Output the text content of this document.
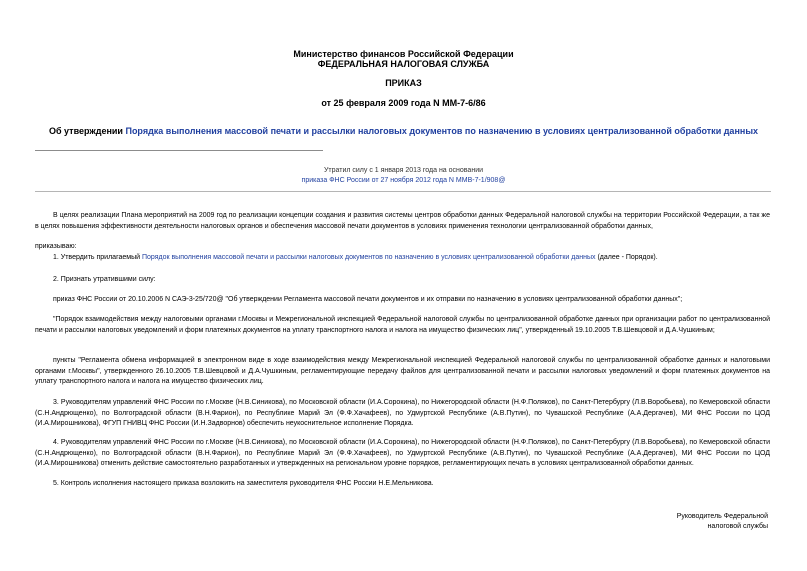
Министерство финансов Российской Федерации
ФЕДЕРАЛЬНАЯ НАЛОГОВАЯ СЛУЖБА
ПРИКАЗ
от 25 февраля 2009 года N ММ-7-6/86
Об утверждении Порядка выполнения массовой печати и рассылки налоговых документов по назначению в условиях централизованной обработки данных
Утратил силу с 1 января 2013 года на основании
приказа ФНС России от 27 ноября 2012 года N ММВ-7-1/908@
В целях реализации Плана мероприятий на 2009 год по реализации концепции создания и развития системы центров обработки данных Федеральной налоговой службы на территории Российской Федерации, а так же в целях повышения эффективности деятельности налоговых органов и обеспечения массовой печати документов в условиях применения технологии централизованной обработки данных,
приказываю:
1. Утвердить прилагаемый Порядок выполнения массовой печати и рассылки налоговых документов по назначению в условиях централизованной обработки данных (далее - Порядок).
2. Признать утратившими силу:
приказ ФНС России от 20.10.2006 N САЭ-3-25/720@ "Об утверждении Регламента массовой печати документов и их отправки по назначению в условиях централизованной обработки данных";
"Порядок взаимодействия между налоговыми органами г.Москвы и Межрегиональной инспекцией Федеральной налоговой службы по централизованной обработке данных при организации работ по централизованной печати и рассылки налоговых уведомлений и форм платежных документов на уплату транспортного налога и налога на имущество физических лиц", утвержденный 19.10.2005 Т.В.Шевцовой и Д.А.Чушкиным;
пункты "Регламента обмена информацией в электронном виде в ходе взаимодействия между Межрегиональной инспекцией Федеральной налоговой службы по централизованной обработке данных и налоговыми органами г.Москвы", утвержденного 26.10.2005 Т.В.Шевцовой и Д.А.Чушкиным, регламентирующие передачу файлов для централизованной печати и рассылки налоговых уведомлений и форм платежных документов на уплату транспортного налога и налога на имущество физических лиц.
3. Руководителям управлений ФНС России по г.Москве (Н.В.Синикова), по Московской области (И.А.Сорокина), по Нижегородской области (Н.Ф.Поляков), по Санкт-Петербургу (Л.В.Воробьева), по Кемеровской области (С.Н.Андрющенко), по Волгоградской области (В.Н.Фарион), по Республике Марий Эл (Ф.Ф.Хачафеев), по Удмуртской Республике (А.В.Путин), по Чувашской Республике (А.А.Дергачев), МИ ФНС России по ЦОД (И.А.Мирошникова), ФГУП ГНИВЦ ФНС России (И.Н.Задворнов) обеспечить неукоснительное исполнение Порядка.
4. Руководителям управлений ФНС России по г.Москве (Н.В.Синикова), по Московской области (И.А.Сорокина), по Нижегородской области (Н.Ф.Поляков), по Санкт-Петербургу (Л.В.Воробьева), по Кемеровской области (С.Н.Андрющенко), по Волгоградской области (В.Н.Фарион), по Республике Марий Эл (Ф.Ф.Хачафеев), по Удмуртской Республике (А.В.Путин), по Чувашской Республике (А.А.Дергачев), МИ ФНС России по ЦОД (И.А.Мирошникова) отменить действие самостоятельно разработанных и утвержденных на региональном уровне порядков, регламентирующих печать в условиях централизованной обработки данных.
5. Контроль исполнения настоящего приказа возложить на заместителя руководителя ФНС России Н.Е.Мельникова.
Руководитель Федеральной
налоговой службы
